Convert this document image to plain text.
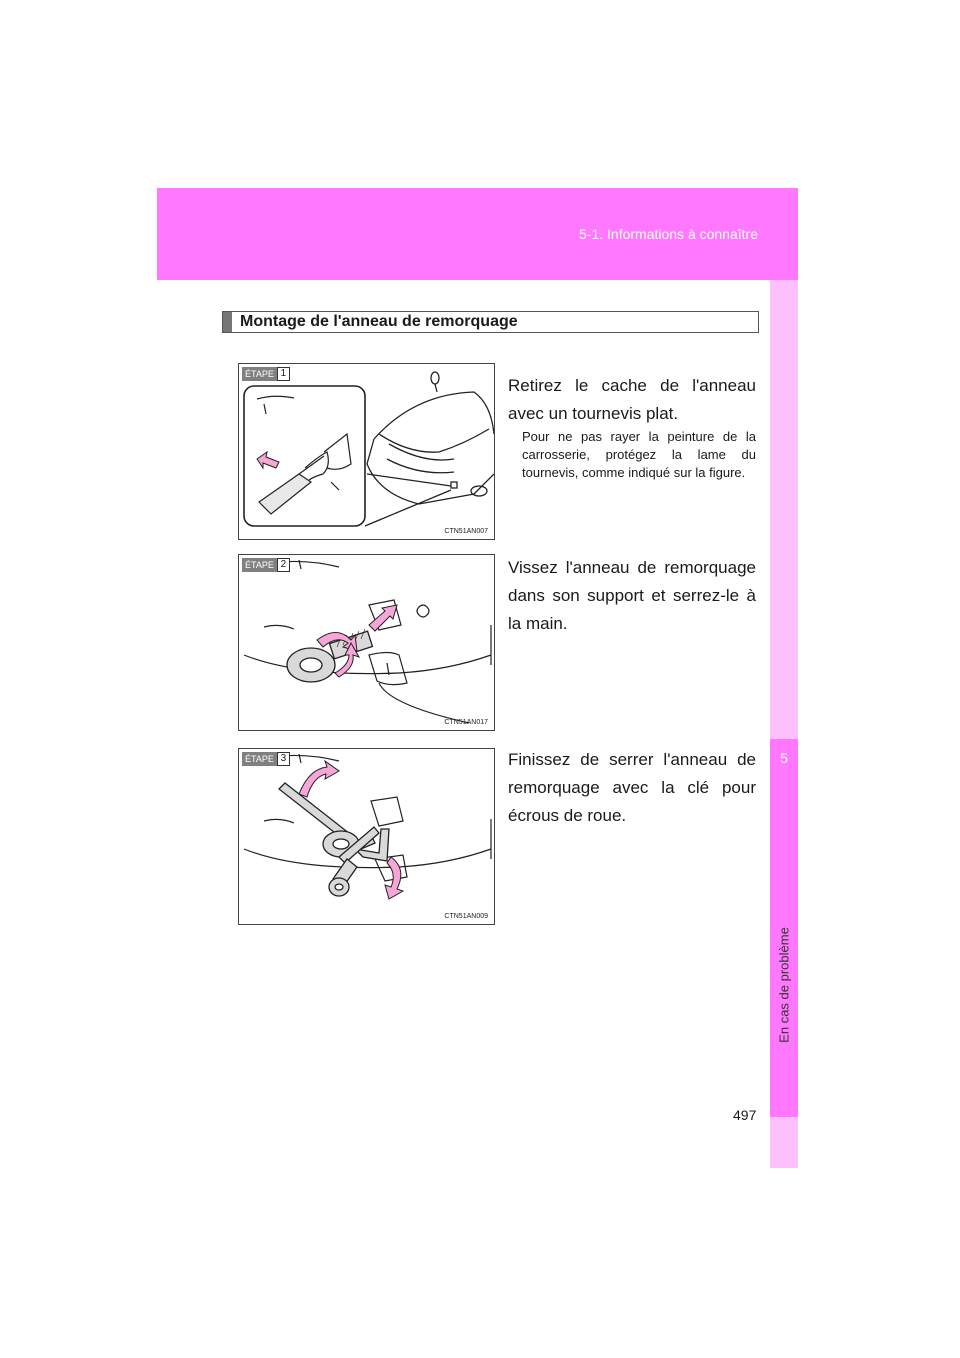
5-1. Informations à connaître
5
En cas de problème
Montage de l'anneau de remorquage
ÉTAPE 1
CTN51AN007
Retirez le cache de l'anneau avec un tournevis plat.
Pour ne pas rayer la peinture de la carrosserie, protégez la lame du tournevis, comme indiqué sur la figure.
ÉTAPE 2
CTN51AN017
Vissez l'anneau de remorquage dans son support et serrez-le à la main.
ÉTAPE 3
CTN51AN009
Finissez de serrer l'anneau de remorquage avec la clé pour écrous de roue.
497
